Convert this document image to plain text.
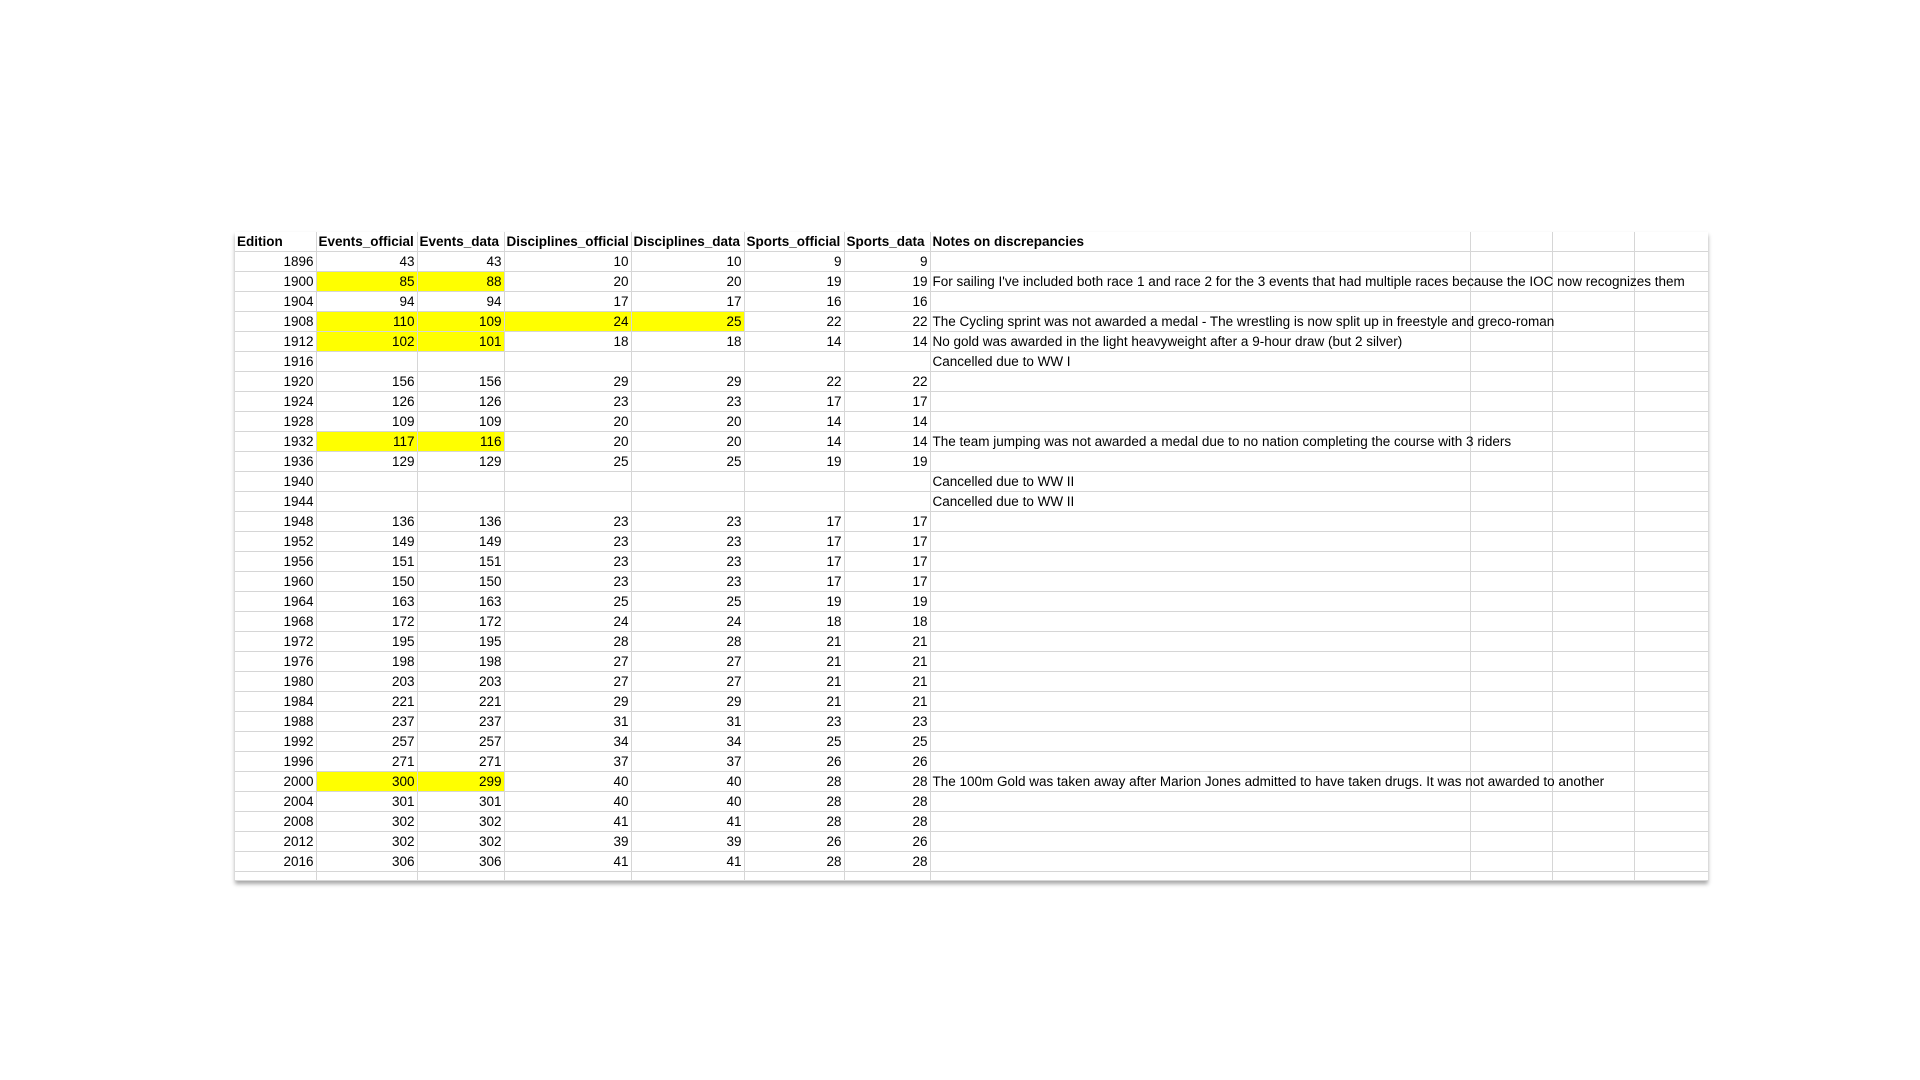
Edition	Events_official	Events_data	Disciplines_official	Disciplines_data	Sports_official	Sports_data	Notes on discrepancies			
1896	43	43	10	10	9	9				
1900	85	88	20	20	19	19	For sailing I've included both race 1 and race 2 for the 3 events that had multiple races because the IOC now recognizes them			
1904	94	94	17	17	16	16				
1908	110	109	24	25	22	22	The Cycling sprint was not awarded a medal - The wrestling is now split up in freestyle and greco-roman			
1912	102	101	18	18	14	14	No gold was awarded in the light heavyweight after a 9-hour draw (but 2 silver)			
1916							Cancelled due to WW I			
1920	156	156	29	29	22	22				
1924	126	126	23	23	17	17				
1928	109	109	20	20	14	14				
1932	117	116	20	20	14	14	The team jumping was not awarded a medal due to no nation completing the course with 3 riders			
1936	129	129	25	25	19	19				
1940							Cancelled due to WW II			
1944							Cancelled due to WW II			
1948	136	136	23	23	17	17				
1952	149	149	23	23	17	17				
1956	151	151	23	23	17	17				
1960	150	150	23	23	17	17				
1964	163	163	25	25	19	19				
1968	172	172	24	24	18	18				
1972	195	195	28	28	21	21				
1976	198	198	27	27	21	21				
1980	203	203	27	27	21	21				
1984	221	221	29	29	21	21				
1988	237	237	31	31	23	23				
1992	257	257	34	34	25	25				
1996	271	271	37	37	26	26				
2000	300	299	40	40	28	28	The 100m Gold was taken away after Marion Jones admitted to have taken drugs. It was not awarded to another			
2004	301	301	40	40	28	28				
2008	302	302	41	41	28	28				
2012	302	302	39	39	26	26				
2016	306	306	41	41	28	28				
